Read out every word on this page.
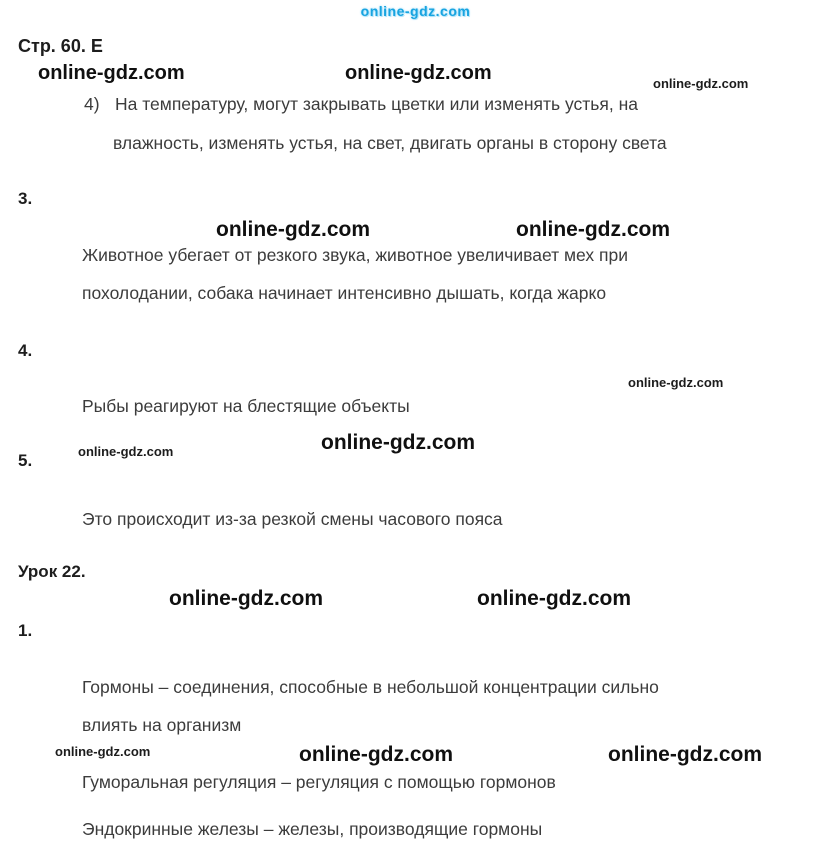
online-gdz.com
Стр. 60. Е
online-gdz.com	online-gdz.com	online-gdz.com
4) На температуру, могут закрывать цветки или изменять устья, на
влажность, изменять устья, на свет, двигать органы в сторону света
3.
online-gdz.com	online-gdz.com
Животное убегает от резкого звука, животное увеличивает мех при
похолодании, собака начинает интенсивно дышать, когда жарко
4.
online-gdz.com
Рыбы реагируют на блестящие объекты
5.	online-gdz.com	online-gdz.com
Это происходит из-за резкой смены часового пояса
Урок 22.
online-gdz.com	online-gdz.com
1.
Гормоны – соединения, способные в небольшой концентрации сильно
влиять на организм
online-gdz.com	online-gdz.com	online-gdz.com
Гуморальная регуляция – регуляция с помощью гормонов
Эндокринные железы – железы, производящие гормоны
